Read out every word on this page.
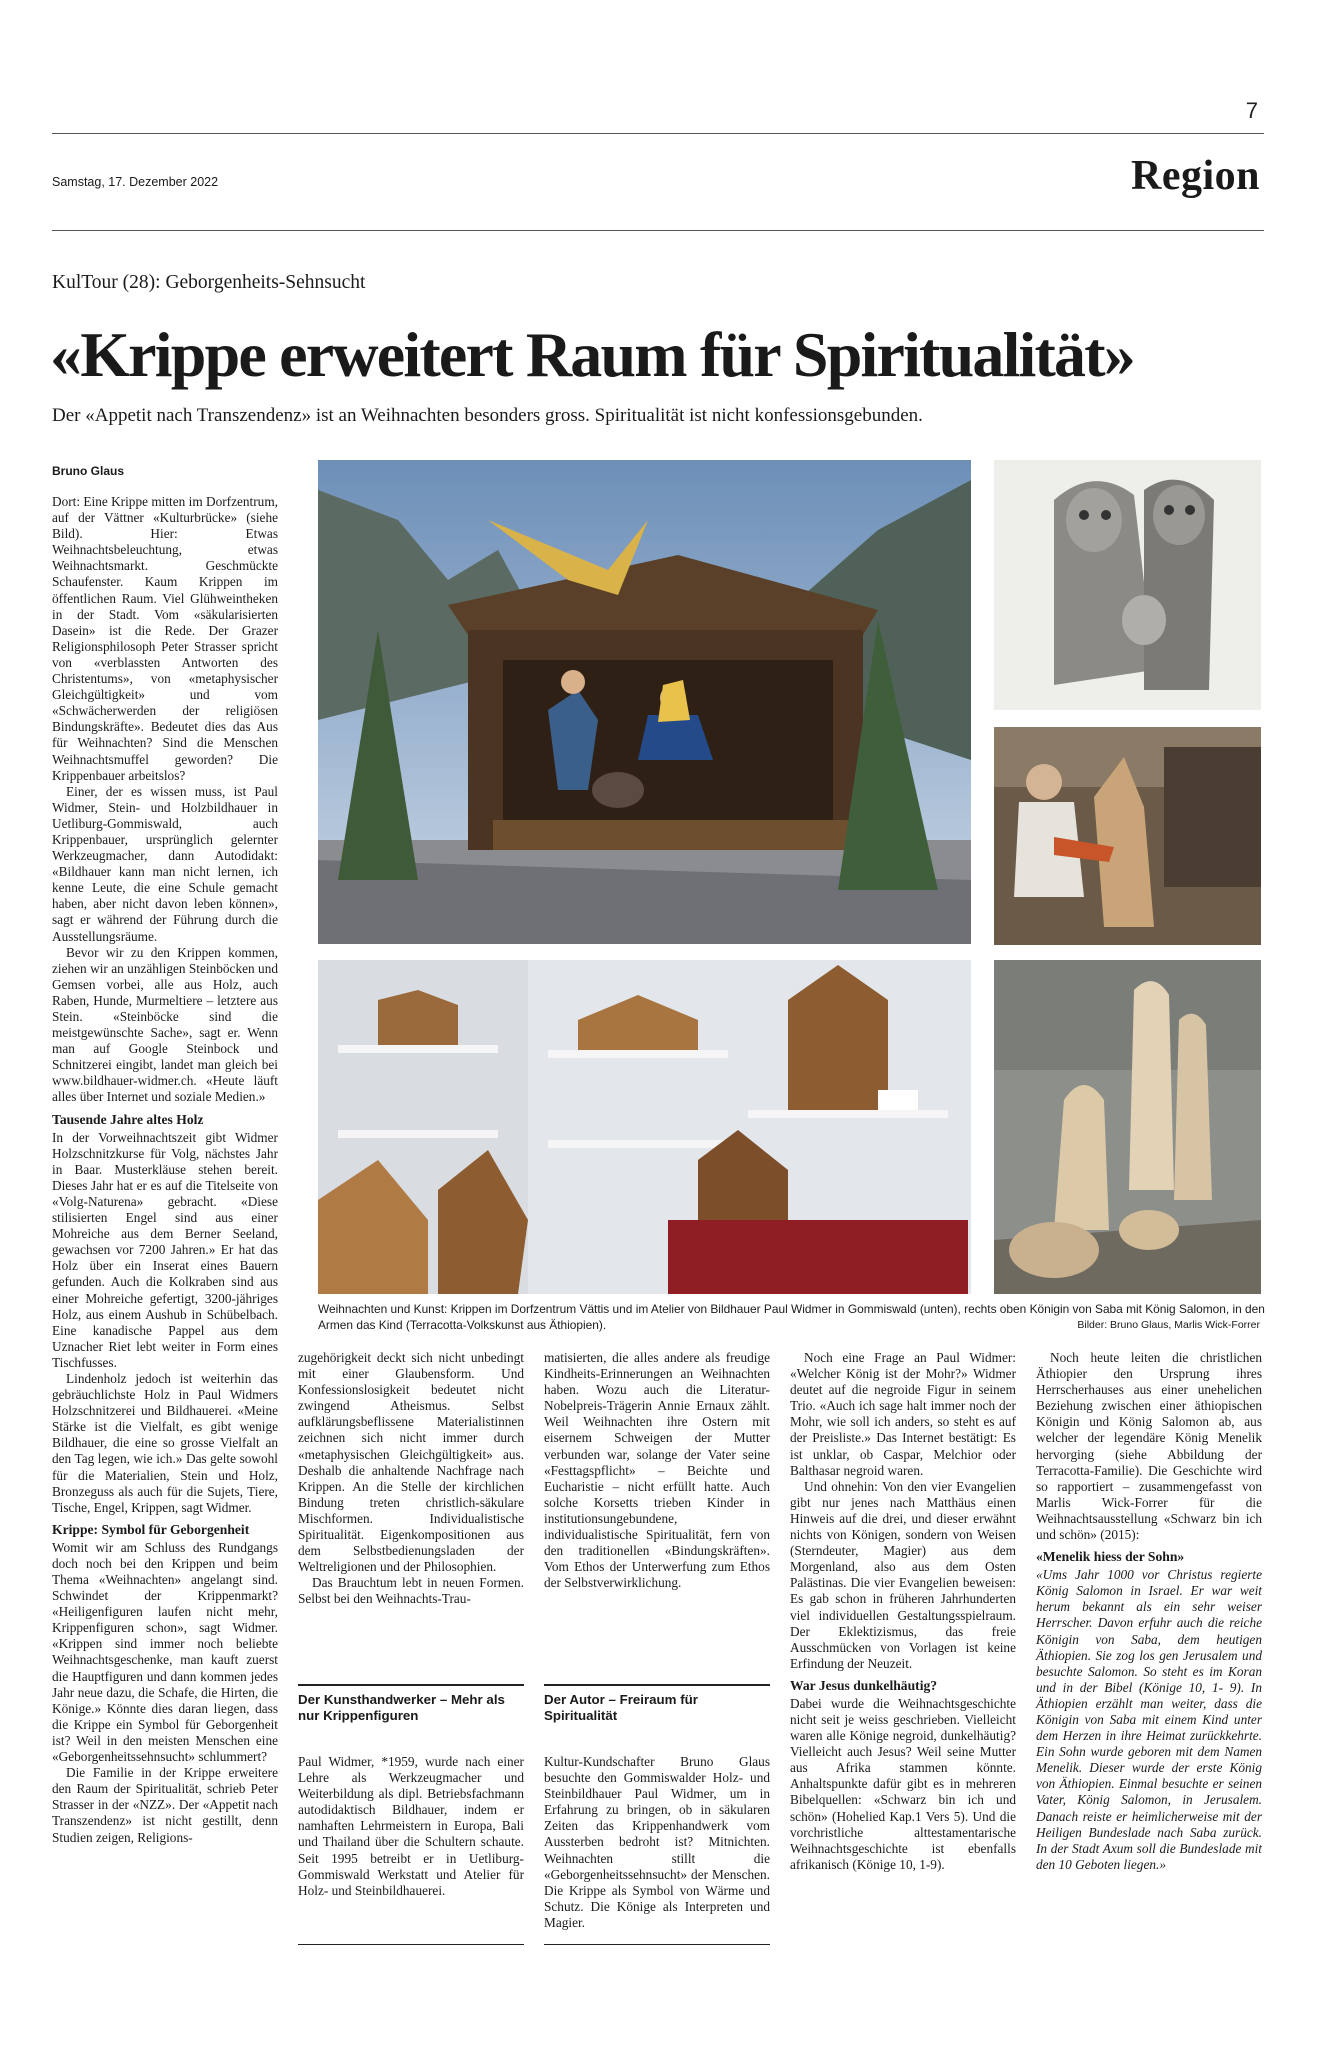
7
Samstag, 17. Dezember 2022	Region
KulTour (28): Geborgenheits-Sehnsucht
«Krippe erweitert Raum für Spiritualität»
Der «Appetit nach Transzendenz» ist an Weihnachten besonders gross. Spiritualität ist nicht konfessionsgebunden.
Bruno Glaus

Dort: Eine Krippe mitten im Dorfzentrum, auf der Vättner «Kulturbrücke» (siehe Bild). Hier: Etwas Weihnachtsbeleuchtung, etwas Weihnachtsmarkt. Geschmückte Schaufenster. Kaum Krippen im öffentlichen Raum. Viel Glühweintheken in der Stadt. Vom «säkularisierten Dasein» ist die Rede. Der Grazer Religionsphilosoph Peter Strasser spricht von «verblassten Antworten des Christentums», von «metaphysischer Gleichgültigkeit» und vom «Schwächerwerden der religiösen Bindungskräfte». Bedeutet dies das Aus für Weihnachten? Sind die Menschen Weihnachtsmuffel geworden? Die Krippenbauer arbeitslos?

Einer, der es wissen muss, ist Paul Widmer, Stein- und Holzbildhauer in Uetliburg-Gommiswald, auch Krippenbauer, ursprünglich gelernter Werkzeugmacher, dann Autodidakt: «Bildhauer kann man nicht lernen, ich kenne Leute, die eine Schule gemacht haben, aber nicht davon leben können», sagt er während der Führung durch die Ausstellungsräume.

Bevor wir zu den Krippen kommen, ziehen wir an unzähligen Steinböcken und Gemsen vorbei, alle aus Holz, auch Raben, Hunde, Murmeltiere – letztere aus Stein. «Steinböcke sind die meistgewünschte Sache», sagt er. Wenn man auf Google Steinbock und Schnitzerei eingibt, landet man gleich bei www.bildhauer-widmer.ch. «Heute läuft alles über Internet und soziale Medien.»

Tausende Jahre altes Holz

In der Vorweihnachtszeit gibt Widmer Holzschnitzkurse für Volg, nächstes Jahr in Baar. Musterkläuse stehen bereit. Dieses Jahr hat er es auf die Titelseite von «Volg-Naturena» gebracht. «Diese stilisierten Engel sind aus einer Mohreiche aus dem Berner Seeland, gewachsen vor 7200 Jahren.» Er hat das Holz über ein Inserat eines Bauern gefunden. Auch die Kolkraben sind aus einer Mohreiche gefertigt, 3200-jähriges Holz, aus einem Aushub in Schübelbach. Eine kanadische Pappel aus dem Uznacher Riet lebt weiter in Form eines Tischfusses.

Lindenholz jedoch ist weiterhin das gebräuchlichste Holz in Paul Widmers Holzschnitzerei und Bildhauerei. «Meine Stärke ist die Vielfalt, es gibt wenige Bildhauer, die eine so grosse Vielfalt an den Tag legen, wie ich.» Das gelte sowohl für die Materialien, Stein und Holz, Bronzeguss als auch für die Sujets, Tiere, Tische, Engel, Krippen, sagt Widmer.

Krippe: Symbol für Geborgenheit

Womit wir am Schluss des Rundgangs doch noch bei den Krippen und beim Thema «Weihnachten» angelangt sind. Schwindet der Krippenmarkt? «Heiligenfiguren laufen nicht mehr, Krippenfiguren schon», sagt Widmer. «Krippen sind immer noch beliebte Weihnachtsgeschenke, man kauft zuerst die Hauptfiguren und dann kommen jedes Jahr neue dazu, die Schafe, die Hirten, die Könige.» Könnte dies daran liegen, dass die Krippe ein Symbol für Geborgenheit ist? Weil in den meisten Menschen eine «Geborgenheitssehnsucht» schlummert?

Die Familie in der Krippe erweitere den Raum der Spiritualität, schrieb Peter Strasser in der «NZZ». Der «Appetit nach Transzendenz» ist nicht gestillt, denn Studien zeigen, Religions-

Weihnachten und Kunst: Krippen im Dorfzentrum Vättis und im Atelier von Bildhauer Paul Widmer in Gommiswald (unten), rechts oben Königin von Saba mit König Salomon, in den Armen das Kind (Terracotta-Volkskunst aus Äthiopien).	Bilder: Bruno Glaus, Marlis Wick-Forrer

zugehörigkeit deckt sich nicht unbedingt mit einer Glaubensform. Und Konfessionslosigkeit bedeutet nicht zwingend Atheismus. Selbst aufklärungsbeflissene Materialistinnen zeichnen sich nicht immer durch «metaphysischen Gleichgültigkeit» aus. Deshalb die anhaltende Nachfrage nach Krippen. An die Stelle der kirchlichen Bindung treten christlich-säkulare Mischformen. Individualistische Spiritualität. Eigenkompositionen aus dem Selbstbedienungsladen der Weltreligionen und der Philosophien.

Das Brauchtum lebt in neuen Formen. Selbst bei den Weihnachts-Trau-

Der Kunsthandwerker – Mehr als nur Krippenfiguren

Paul Widmer, *1959, wurde nach einer Lehre als Werkzeugmacher und Weiterbildung als dipl. Betriebsfachmann autodidaktisch Bildhauer, indem er namhaften Lehrmeistern in Europa, Bali und Thailand über die Schultern schaute. Seit 1995 betreibt er in Uetliburg-Gommiswald Werkstatt und Atelier für Holz- und Steinbildhauerei.

matisierten, die alles andere als freudige Kindheits-Erinnerungen an Weihnachten haben. Wozu auch die Literatur-Nobelpreis-Trägerin Annie Ernaux zählt. Weil Weihnachten ihre Ostern mit eisernem Schweigen der Mutter verbunden war, solange der Vater seine «Festtagspflicht» – Beichte und Eucharistie – nicht erfüllt hatte. Auch solche Korsetts trieben Kinder in institutionsungebundene, individualistische Spiritualität, fern von den traditionellen «Bindungskräften». Vom Ethos der Unterwerfung zum Ethos der Selbstverwirklichung.

Der Autor – Freiraum für Spiritualität

Kultur-Kundschafter Bruno Glaus besuchte den Gommiswalder Holz- und Steinbildhauer Paul Widmer, um in Erfahrung zu bringen, ob in säkularen Zeiten das Krippenhandwerk vom Aussterben bedroht ist? Mitnichten. Weihnachten stillt die «Geborgenheitssehnsucht» der Menschen. Die Krippe als Symbol von Wärme und Schutz. Die Könige als Interpreten und Magier.

Noch eine Frage an Paul Widmer: «Welcher König ist der Mohr?» Widmer deutet auf die negroide Figur in seinem Trio. «Auch ich sage halt immer noch der Mohr, wie soll ich anders, so steht es auf der Preisliste.» Das Internet bestätigt: Es ist unklar, ob Caspar, Melchior oder Balthasar negroid waren.

Und ohnehin: Von den vier Evangelien gibt nur jenes nach Matthäus einen Hinweis auf die drei, und dieser erwähnt nichts von Königen, sondern von Weisen (Sterndeuter, Magier) aus dem Morgenland, also aus dem Osten Palästinas. Die vier Evangelien beweisen: Es gab schon in früheren Jahrhunderten viel individuellen Gestaltungsspielraum. Der Eklektizismus, das freie Ausschmücken von Vorlagen ist keine Erfindung der Neuzeit.

War Jesus dunkelhäutig?

Dabei wurde die Weihnachtsgeschichte nicht seit je weiss geschrieben. Vielleicht waren alle Könige negroid, dunkelhäutig? Vielleicht auch Jesus? Weil seine Mutter aus Afrika stammen könnte. Anhaltspunkte dafür gibt es in mehreren Bibelquellen: «Schwarz bin ich und schön» (Hohelied Kap.1 Vers 5). Und die vorchristliche alttestamentarische Weihnachtsgeschichte ist ebenfalls afrikanisch (Könige 10, 1-9).

Noch heute leiten die christlichen Äthiopier den Ursprung ihres Herrscherhauses aus einer unehelichen Beziehung zwischen einer äthiopischen Königin und König Salomon ab, aus welcher der legendäre König Menelik hervorging (siehe Abbildung der Terracotta-Familie). Die Geschichte wird so rapportiert – zusammengefasst von Marlis Wick-Forrer für die Weihnachtsausstellung «Schwarz bin ich und schön» (2015):

«Menelik hiess der Sohn»

«Ums Jahr 1000 vor Christus regierte König Salomon in Israel. Er war weit herum bekannt als ein sehr weiser Herrscher. Davon erfuhr auch die reiche Königin von Saba, dem heutigen Äthiopien. Sie zog los gen Jerusalem und besuchte Salomon. So steht es im Koran und in der Bibel (Könige 10, 1- 9). In Äthiopien erzählt man weiter, dass die Königin von Saba mit einem Kind unter dem Herzen in ihre Heimat zurückkehrte. Ein Sohn wurde geboren mit dem Namen Menelik. Dieser wurde der erste König von Äthiopien. Einmal besuchte er seinen Vater, König Salomon, in Jerusalem. Danach reiste er heimlicherweise mit der Heiligen Bundeslade nach Saba zurück. In der Stadt Axum soll die Bundeslade mit den 10 Geboten liegen.»
